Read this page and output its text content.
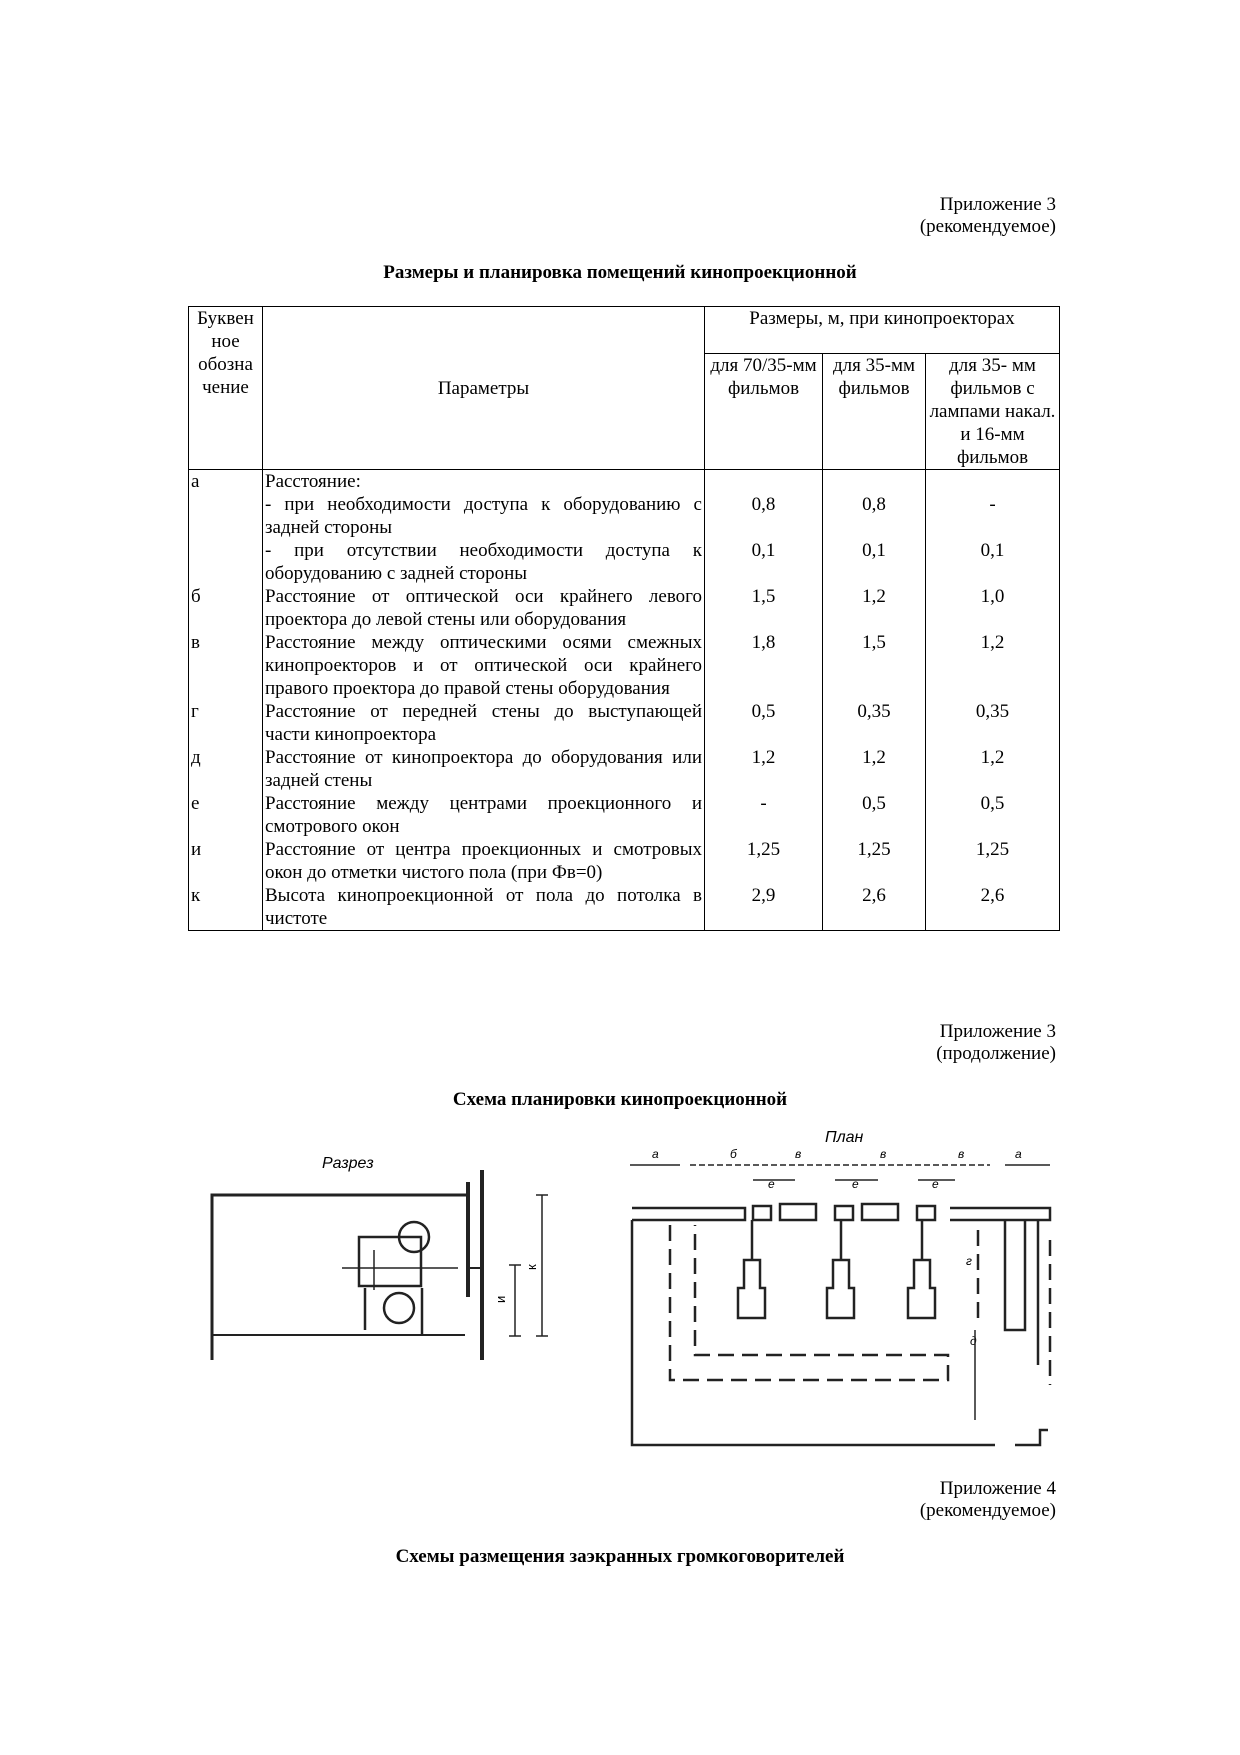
Приложение 3
(рекомендуемое)
Размеры и планировка помещений кинопроекционной
Буквен ное обозна чение	Параметры	Размеры, м, при кинопроекторах		
		для 70/35-мм фильмов	для 35-мм фильмов	для 35- мм фильмов с лампами накал. и 16-мм фильмов
а	Расстояние:			
	- при необходимости доступа к оборудованию с задней стороны	0,8	0,8	-
	- при отсутствии необходимости доступа к оборудованию с задней стороны	0,1	0,1	0,1
б	Расстояние от оптической оси крайнего левого проектора до левой стены или оборудования	1,5	1,2	1,0
в	Расстояние между оптическими осями смежных кинопроекторов и от оптической оси крайнего правого проектора до правой стены оборудования	1,8	1,5	1,2
г	Расстояние от передней стены до выступающей части кинопроектора	0,5	0,35	0,35
д	Расстояние от кинопроектора до оборудования или задней стены	1,2	1,2	1,2
е	Расстояние между центрами проекционного и смотрового окон	-	0,5	0,5
и	Расстояние от центра проекционных и смотровых окон до отметки чистого пола (при Фв=0)	1,25	1,25	1,25
к	Высота кинопроекционной от пола до потолка в чистоте	2,9	2,6	2,6
Приложение 3
(продолжение)
Схема планировки кинопроекционной
Разрез
и
к
План
а	б	в	в	в	а
е	е	е
г
д
Приложение 4
(рекомендуемое)
Схемы размещения заэкранных громкоговорителей
